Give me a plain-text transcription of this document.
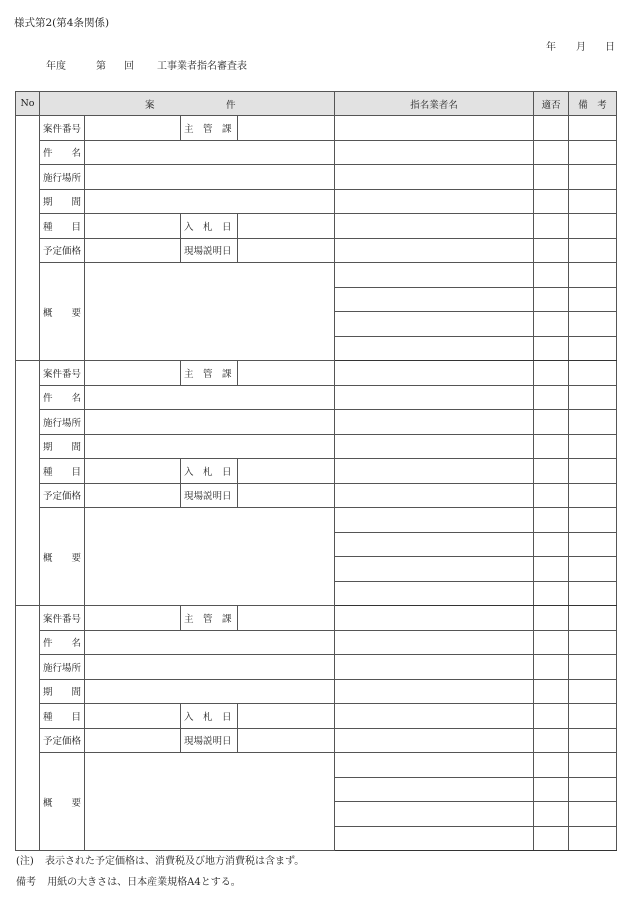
様式第2(第4条関係)
年 月 日
年度	第 回 工事業者指名審査表
No	案 件				指名業者名	適否	備　考
	案件番号		主　管　課				
	件　　名						
	施行場所						
	期　　間						
	種　　目		入　札　日				
	予定価格		現場説明日				
	概　　要						

	案件番号		主　管　課				
	件　　名						
	施行場所						
	期　　間						
	種　　目		入　札　日				
	予定価格		現場説明日				
	概　　要						

	案件番号		主　管　課				
	件　　名						
	施行場所						
	期　　間						
	種　　目		入　札　日				
	予定価格		現場説明日				
	概　　要						

(注) 表示された予定価格は、消費税及び地方消費税は含まず。
備考 用紙の大きさは、日本産業規格A4とする。
